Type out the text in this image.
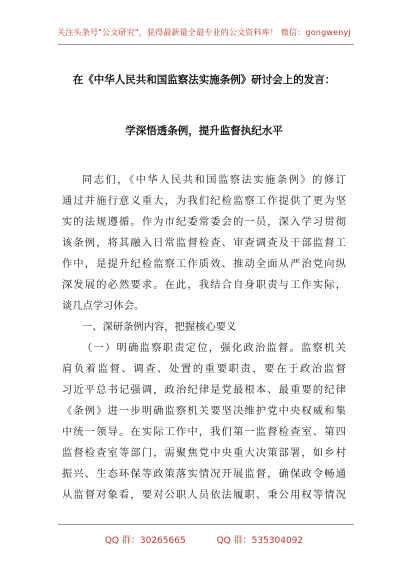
关注头条号"公文研究"，获得最新最全最专业的公文资料库！ 微信：gongwenyj
在《中华人民共和国监察法实施条例》研讨会上的发言：
学深悟透条例，提升监督执纪水平
同志们，《中华人民共和国监察法实施条例》的修订
通过并施行意义重大，为我们纪检监察工作提供了更为坚
实的法规遵循。作为市纪委常委会的一员，深入学习贯彻
该条例，将其融入日常监督检查、审查调查及干部监督工
作中，是提升纪检监察工作质效、推动全面从严治党向纵
深发展的必然要求。在此，我结合自身职责与工作实际，
谈几点学习体会。
一、深研条例内容，把握核心要义
（一）明确监察职责定位，强化政治监督。监察机关
肩负着监督、调查、处置的重要职责，要在于政治监督
习近平总书记强调，政治纪律是党最根本、最重要的纪律
《条例》进一步明确监察机关要坚决维护党中央权威和集
中统一领导。在实际工作中，我们第一监督检查室、第四
监督检查室等部门，需聚焦党中央重大决策部署，如乡村
振兴、生态环保等政策落实情况开展监督，确保政令畅通
从监督对象看，要对公职人员依法履职、秉公用权等情况
QQ 群：30265665	QQ 群：535304092
